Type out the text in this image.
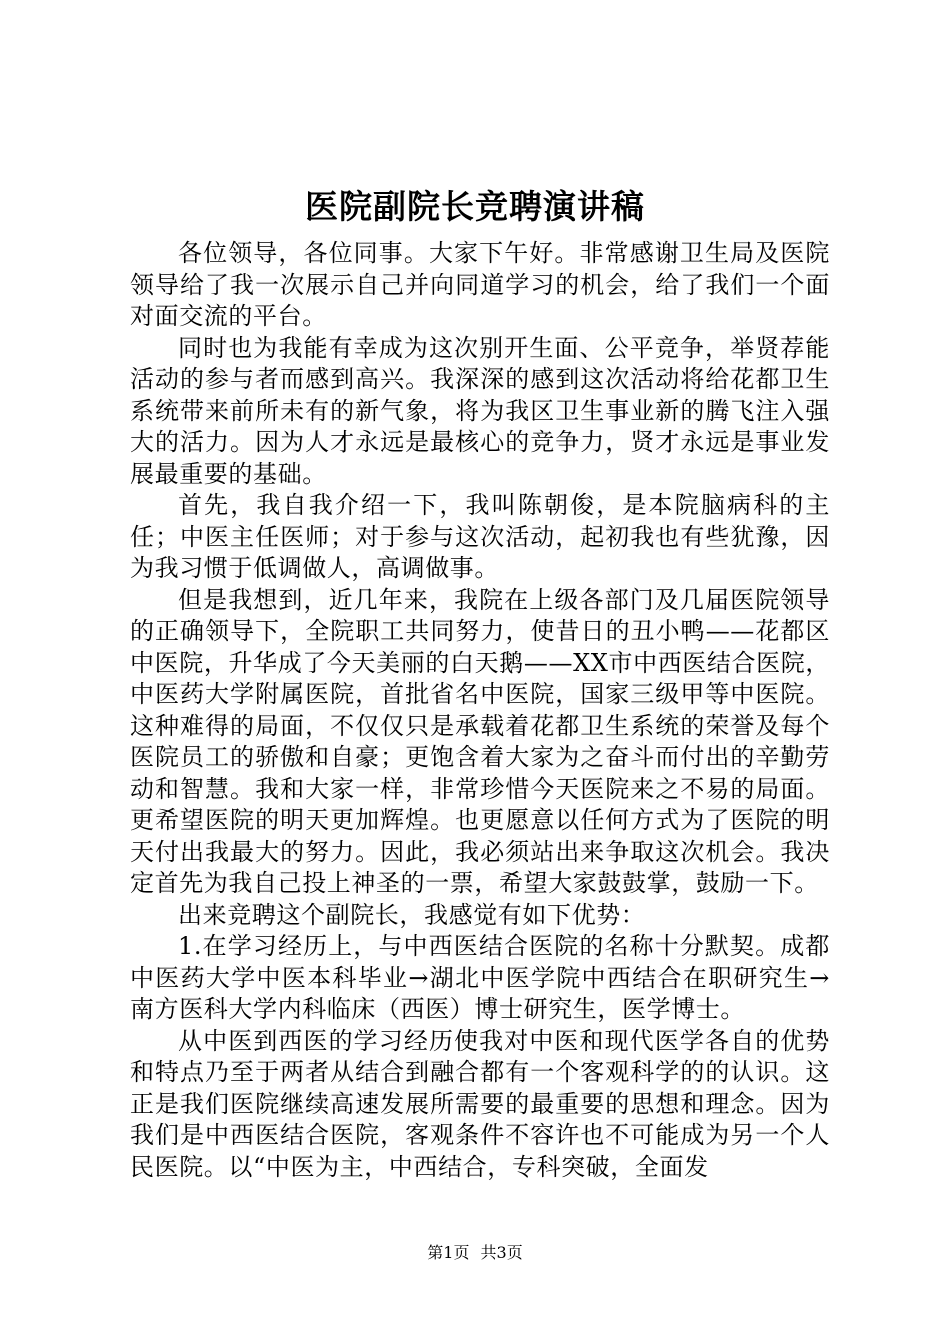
医院副院长竞聘演讲稿

各位领导，各位同事。大家下午好。非常感谢卫生局及医院领导给了我一次展示自己并向同道学习的机会，给了我们一个面对面交流的平台。

同时也为我能有幸成为这次别开生面、公平竞争，举贤荐能活动的参与者而感到高兴。我深深的感到这次活动将给花都卫生系统带来前所未有的新气象，将为我区卫生事业新的腾飞注入强大的活力。因为人才永远是最核心的竞争力，贤才永远是事业发展最重要的基础。

首先，我自我介绍一下，我叫陈朝俊，是本院脑病科的主任；中医主任医师；对于参与这次活动，起初我也有些犹豫，因为我习惯于低调做人，高调做事。

但是我想到，近几年来，我院在上级各部门及几届医院领导的正确领导下，全院职工共同努力，使昔日的丑小鸭——花都区中医院，升华成了今天美丽的白天鹅——XX市中西医结合医院，中医药大学附属医院，首批省名中医院，国家三级甲等中医院。这种难得的局面，不仅仅只是承载着花都卫生系统的荣誉及每个医院员工的骄傲和自豪；更饱含着大家为之奋斗而付出的辛勤劳动和智慧。我和大家一样，非常珍惜今天医院来之不易的局面。更希望医院的明天更加辉煌。也更愿意以任何方式为了医院的明天付出我最大的努力。因此，我必须站出来争取这次机会。我决定首先为我自己投上神圣的一票，希望大家鼓鼓掌，鼓励一下。

出来竞聘这个副院长，我感觉有如下优势：

1.在学习经历上，与中西医结合医院的名称十分默契。成都中医药大学中医本科毕业→湖北中医学院中西结合在职研究生→南方医科大学内科临床（西医）博士研究生，医学博士。

从中医到西医的学习经历使我对中医和现代医学各自的优势和特点乃至于两者从结合到融合都有一个客观科学的的认识。这正是我们医院继续高速发展所需要的最重要的思想和理念。因为我们是中西医结合医院，客观条件不容许也不可能成为另一个人民医院。以“中医为主，中西结合，专科突破，全面发

第1页 共3页
